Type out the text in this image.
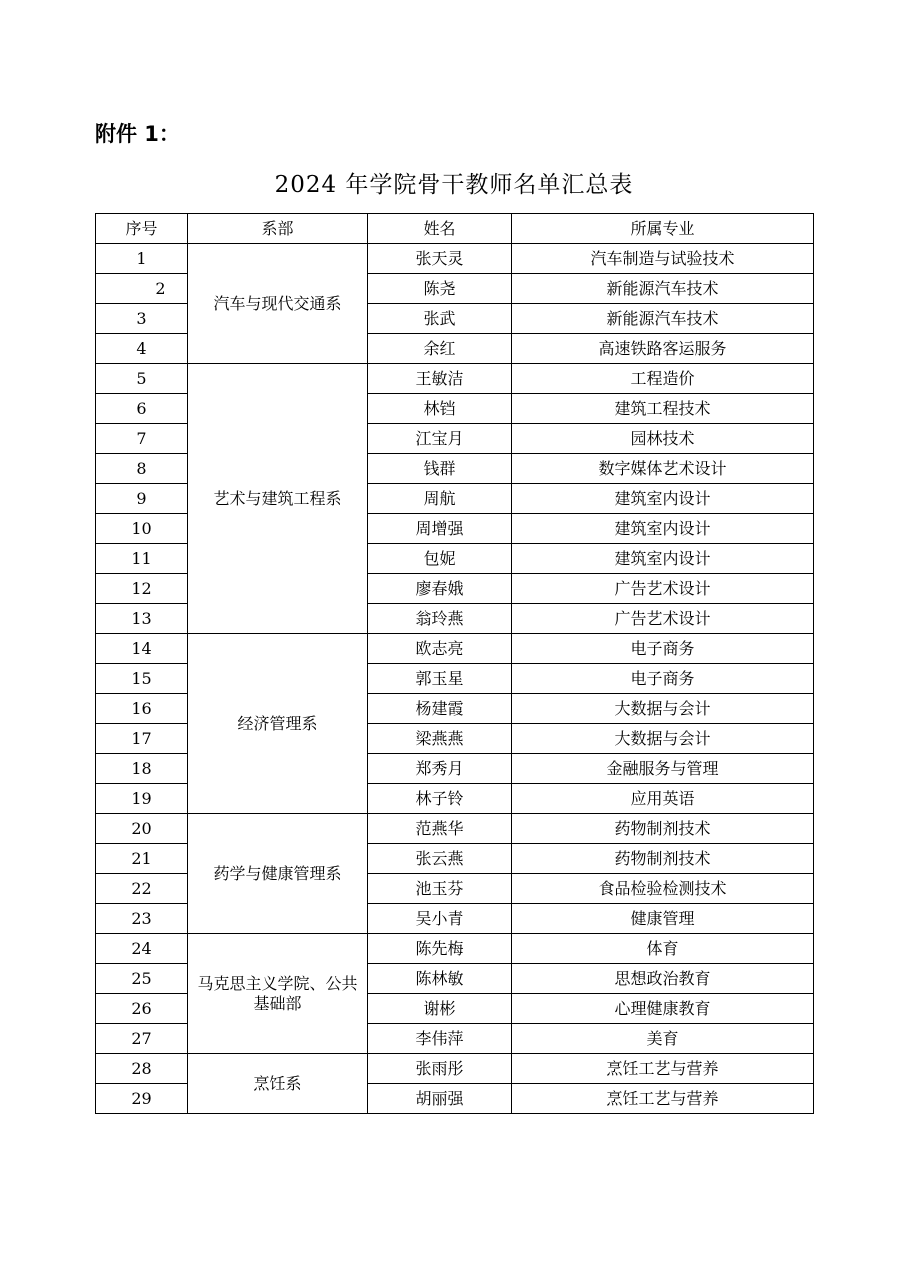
附件 1：
2024 年学院骨干教师名单汇总表
序号	系部	姓名	所属专业
1	汽车与现代交通系	张天灵	汽车制造与试验技术
2		陈尧	新能源汽车技术
3		张武	新能源汽车技术
4		余红	高速铁路客运服务
5	艺术与建筑工程系	王敏洁	工程造价
6		林铛	建筑工程技术
7		江宝月	园林技术
8		钱群	数字媒体艺术设计
9		周航	建筑室内设计
10		周增强	建筑室内设计
11		包妮	建筑室内设计
12		廖春娥	广告艺术设计
13		翁玲燕	广告艺术设计
14	经济管理系	欧志亮	电子商务
15		郭玉星	电子商务
16		杨建霞	大数据与会计
17		梁燕燕	大数据与会计
18		郑秀月	金融服务与管理
19		林子铃	应用英语
20	药学与健康管理系	范燕华	药物制剂技术
21		张云燕	药物制剂技术
22		池玉芬	食品检验检测技术
23		吴小青	健康管理
24	马克思主义学院、公共基础部	陈先梅	体育
25		陈林敏	思想政治教育
26		谢彬	心理健康教育
27		李伟萍	美育
28	烹饪系	张雨彤	烹饪工艺与营养
29		胡丽强	烹饪工艺与营养
